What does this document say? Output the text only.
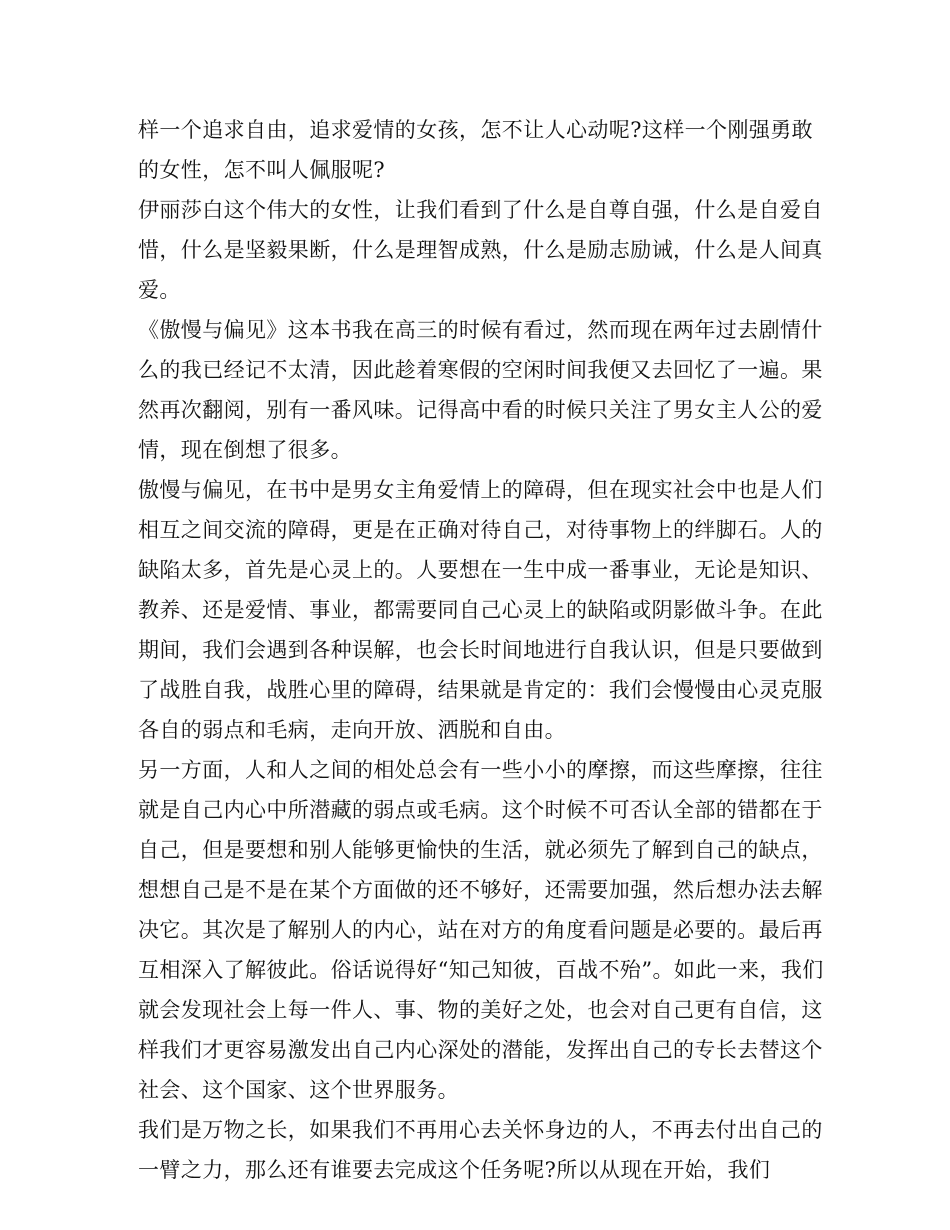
样一个追求自由，追求爱情的女孩，怎不让人心动呢?这样一个刚强勇敢的女性，怎不叫人佩服呢?

伊丽莎白这个伟大的女性，让我们看到了什么是自尊自强，什么是自爱自惜，什么是坚毅果断，什么是理智成熟，什么是励志励诫，什么是人间真爱。

《傲慢与偏见》这本书我在高三的时候有看过，然而现在两年过去剧情什么的我已经记不太清，因此趁着寒假的空闲时间我便又去回忆了一遍。果然再次翻阅，别有一番风味。记得高中看的时候只关注了男女主人公的爱情，现在倒想了很多。

傲慢与偏见，在书中是男女主角爱情上的障碍，但在现实社会中也是人们相互之间交流的障碍，更是在正确对待自己，对待事物上的绊脚石。人的缺陷太多，首先是心灵上的。人要想在一生中成一番事业，无论是知识、教养、还是爱情、事业，都需要同自己心灵上的缺陷或阴影做斗争。在此期间，我们会遇到各种误解，也会长时间地进行自我认识，但是只要做到了战胜自我，战胜心里的障碍，结果就是肯定的：我们会慢慢由心灵克服各自的弱点和毛病，走向开放、洒脱和自由。

另一方面，人和人之间的相处总会有一些小小的摩擦，而这些摩擦，往往就是自己内心中所潜藏的弱点或毛病。这个时候不可否认全部的错都在于自己，但是要想和别人能够更愉快的生活，就必须先了解到自己的缺点，想想自己是不是在某个方面做的还不够好，还需要加强，然后想办法去解决它。其次是了解别人的内心，站在对方的角度看问题是必要的。最后再互相深入了解彼此。俗话说得好“知己知彼，百战不殆”。如此一来，我们就会发现社会上每一件人、事、物的美好之处，也会对自己更有自信，这样我们才更容易激发出自己内心深处的潜能，发挥出自己的专长去替这个社会、这个国家、这个世界服务。

我们是万物之长，如果我们不再用心去关怀身边的人，不再去付出自己的一臂之力，那么还有谁要去完成这个任务呢?所以从现在开始，我们
